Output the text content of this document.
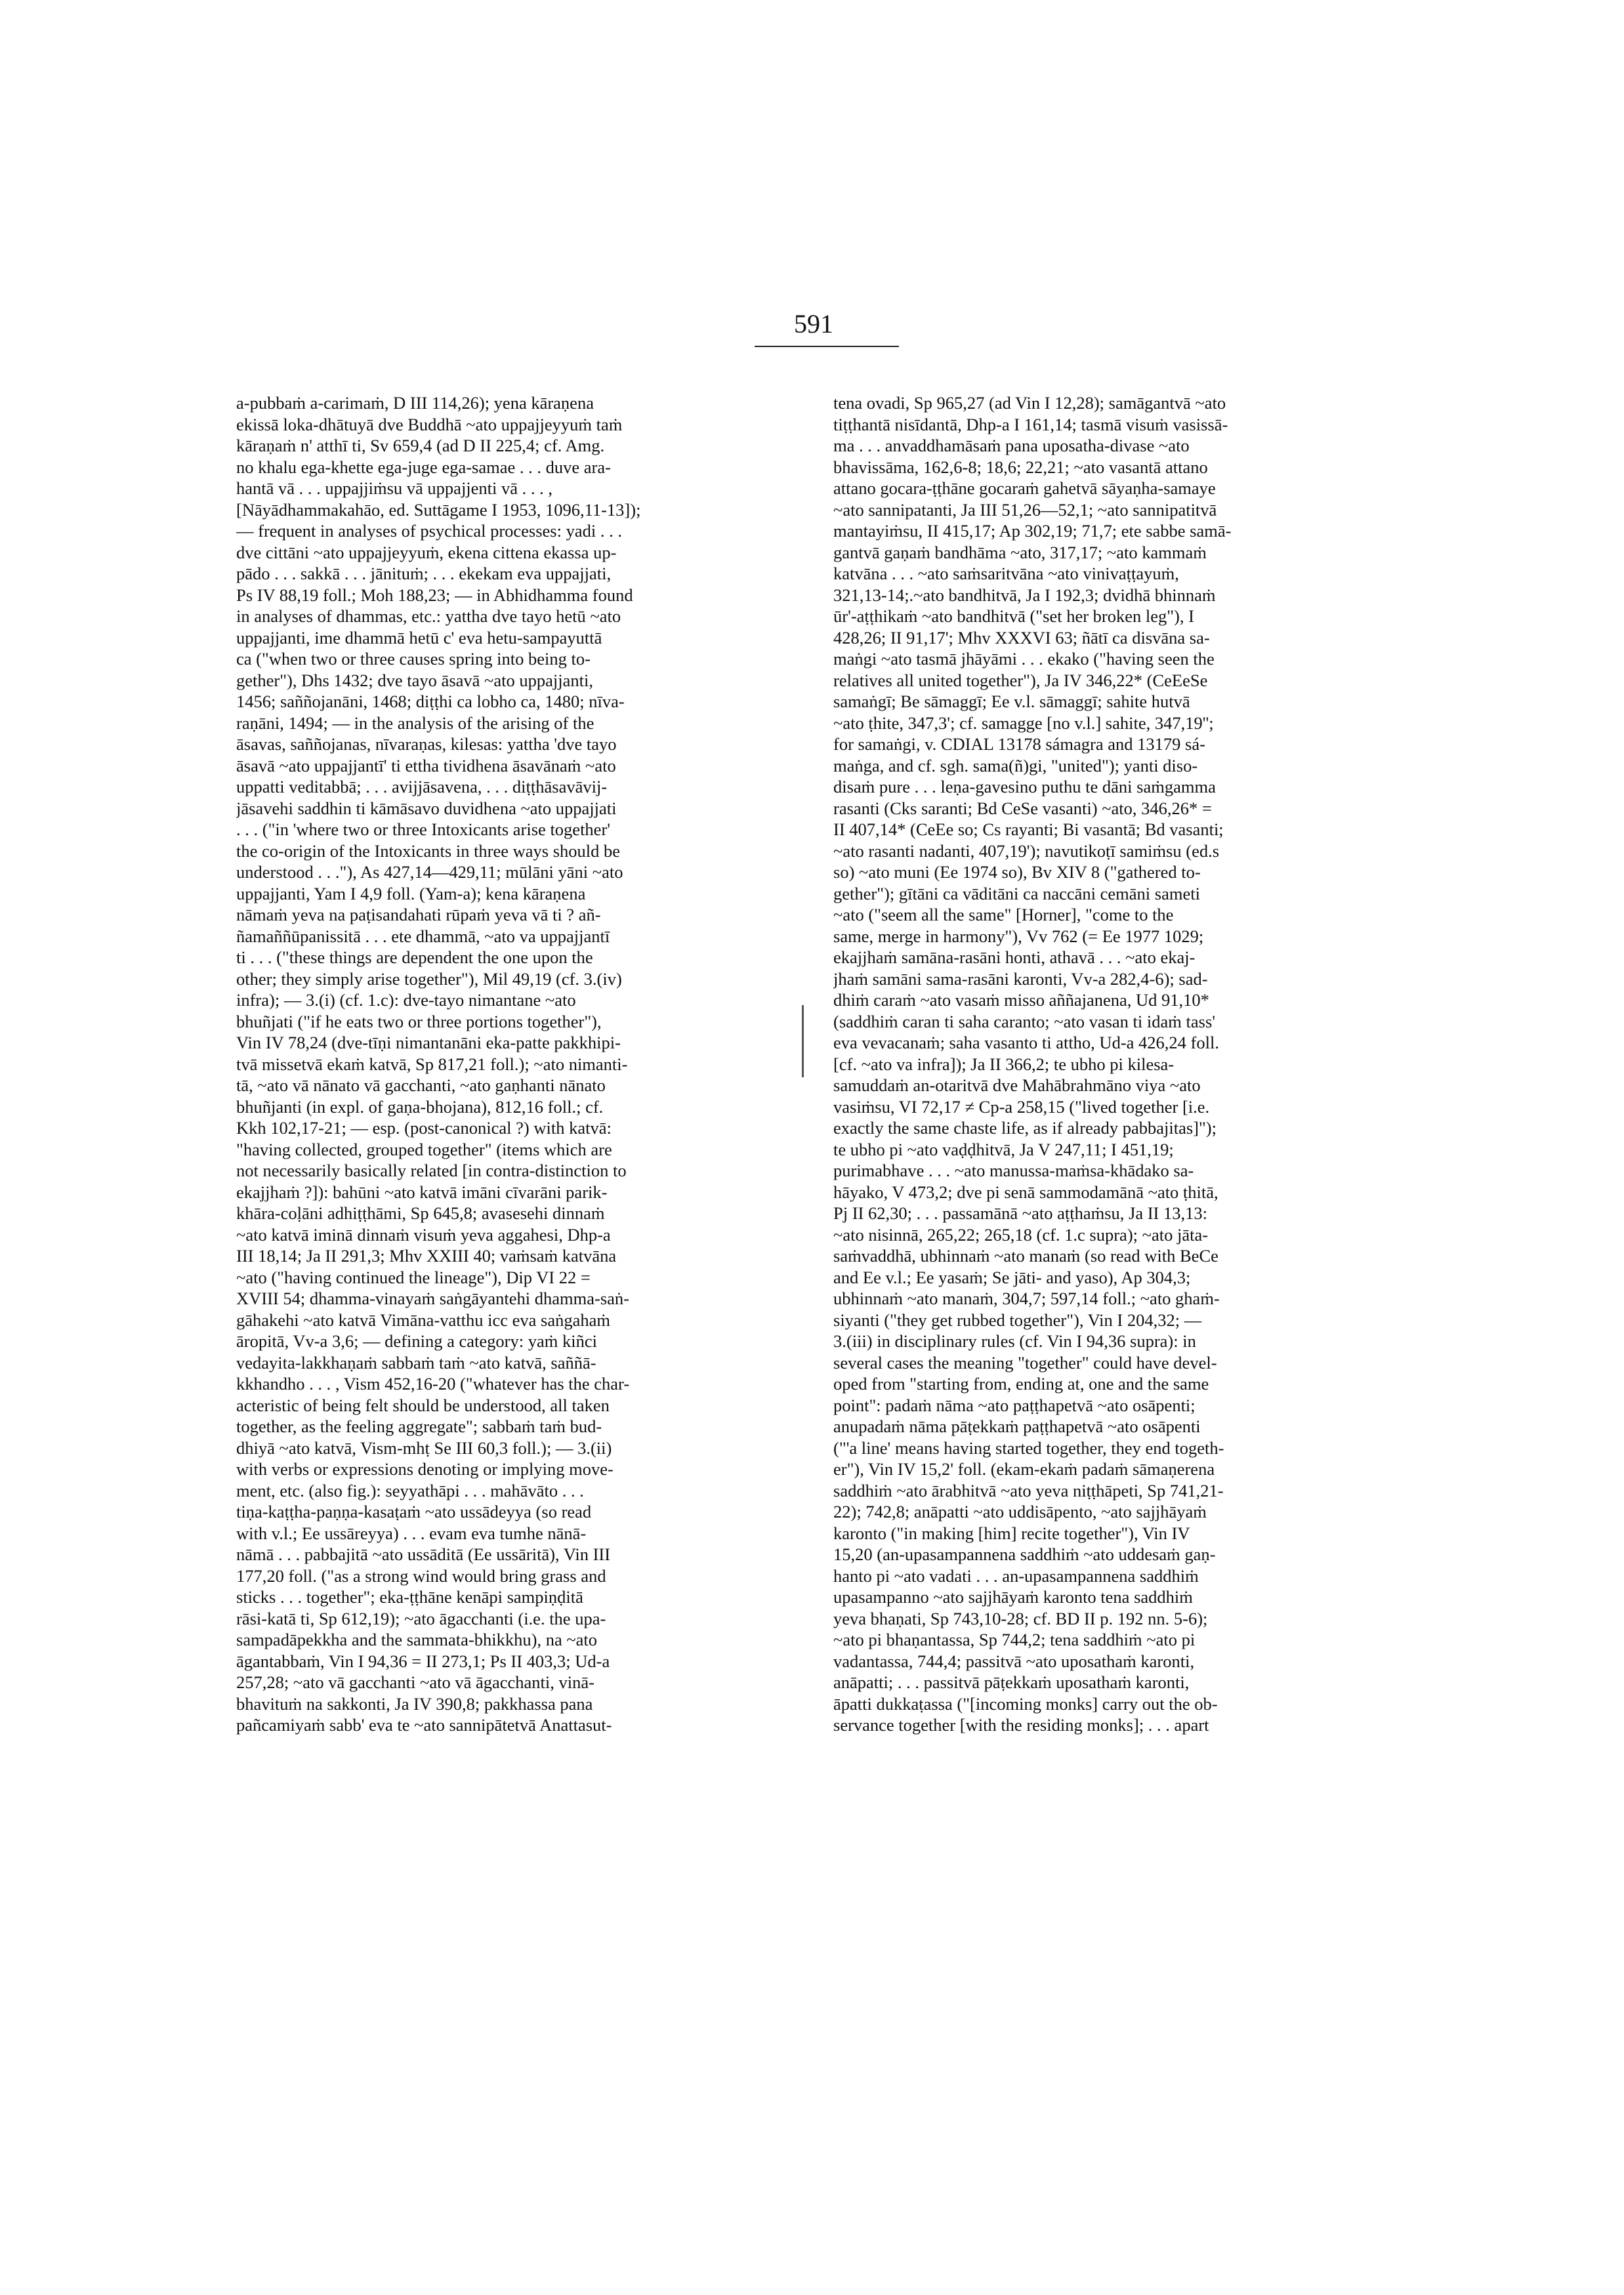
591
a-pubbaṁ a-carimaṁ, D III 114,26); yena kāraṇena
ekissā loka-dhātuyā dve Buddhā ~ato uppajjeyyuṁ taṁ
kāraṇaṁ n' atthī ti, Sv 659,4 (ad D II 225,4; cf. Amg.
no khalu ega-khette ega-juge ega-samae . . . duve ara-
hantā vā . . . uppajjiṁsu vā uppajjenti vā . . . ,
[Nāyādhammakahāo, ed. Suttāgame I 1953, 1096,11-13]);
— frequent in analyses of psychical processes: yadi . . .
dve cittāni ~ato uppajjeyyuṁ, ekena cittena ekassa up-
pādo . . . sakkā . . . jānituṁ; . . . ekekam eva uppajjati,
Ps IV 88,19 foll.; Moh 188,23; — in Abhidhamma found
in analyses of dhammas, etc.: yattha dve tayo hetū ~ato
uppajjanti, ime dhammā hetū c' eva hetu-sampayuttā
ca ("when two or three causes spring into being to-
gether"), Dhs 1432; dve tayo āsavā ~ato uppajjanti,
1456; saññojanāni, 1468; diṭṭhi ca lobho ca, 1480; nīva-
raṇāni, 1494; — in the analysis of the arising of the
āsavas, saññojanas, nīvaraṇas, kilesas: yattha 'dve tayo
āsavā ~ato uppajjantī' ti ettha tividhena āsavānaṁ ~ato
uppatti veditabbā; . . . avijjāsavena, . . . diṭṭhāsavāvij-
jāsavehi saddhin ti kāmāsavo duvidhena ~ato uppajjati
. . . ("in 'where two or three Intoxicants arise together'
the co-origin of the Intoxicants in three ways should be
understood . . ."), As 427,14—429,11; mūlāni yāni ~ato
uppajjanti, Yam I 4,9 foll. (Yam-a); kena kāraṇena
nāmaṁ yeva na paṭisandahati rūpaṁ yeva vā ti ? añ-
ñamaññūpanissitā . . . ete dhammā, ~ato va uppajjantī
ti . . . ("these things are dependent the one upon the
other; they simply arise together"), Mil 49,19 (cf. 3.(iv)
infra); — 3.(i) (cf. 1.c): dve-tayo nimantane ~ato
bhuñjati ("if he eats two or three portions together"),
Vin IV 78,24 (dve-tīṇi nimantanāni eka-patte pakkhipi-
tvā missetvā ekaṁ katvā, Sp 817,21 foll.); ~ato nimanti-
tā, ~ato vā nānato vā gacchanti, ~ato gaṇhanti nānato
bhuñjanti (in expl. of gaṇa-bhojana), 812,16 foll.; cf.
Kkh 102,17-21; — esp. (post-canonical ?) with katvā:
"having collected, grouped together" (items which are
not necessarily basically related [in contra-distinction to
ekajjhaṁ ?]): bahūni ~ato katvā imāni cīvarāni parik-
khāra-coḷāni adhiṭṭhāmi, Sp 645,8; avasesehi dinnaṁ
~ato katvā iminā dinnaṁ visuṁ yeva aggahesi, Dhp-a
III 18,14; Ja II 291,3; Mhv XXIII 40; vaṁsaṁ katvāna
~ato ("having continued the lineage"), Dip VI 22 =
XVIII 54; dhamma-vinayaṁ saṅgāyantehi dhamma-saṅ-
gāhakehi ~ato katvā Vimāna-vatthu icc eva saṅgahaṁ
āropitā, Vv-a 3,6; — defining a category: yaṁ kiñci
vedayita-lakkhaṇaṁ sabbaṁ taṁ ~ato katvā, saññā-
kkhandho . . . , Vism 452,16-20 ("whatever has the char-
acteristic of being felt should be understood, all taken
together, as the feeling aggregate"; sabbaṁ taṁ bud-
dhiyā ~ato katvā, Vism-mhṭ Se III 60,3 foll.); — 3.(ii)
with verbs or expressions denoting or implying move-
ment, etc. (also fig.): seyyathāpi . . . mahāvāto . . .
tiṇa-kaṭṭha-paṇṇa-kasaṭaṁ ~ato ussādeyya (so read
with v.l.; Ee ussāreyya) . . . evam eva tumhe nānā-
nāmā . . . pabbajitā ~ato ussāditā (Ee ussāritā), Vin III
177,20 foll. ("as a strong wind would bring grass and
sticks . . . together"; eka-ṭṭhāne kenāpi sampiṇḍitā
rāsi-katā ti, Sp 612,19); ~ato āgacchanti (i.e. the upa-
sampadāpekkha and the sammata-bhikkhu), na ~ato
āgantabbaṁ, Vin I 94,36 = II 273,1; Ps II 403,3; Ud-a
257,28; ~ato vā gacchanti ~ato vā āgacchanti, vinā-
bhavituṁ na sakkonti, Ja IV 390,8; pakkhassa pana
pañcamiyaṁ sabb' eva te ~ato sannipātetvā Anattasut-
tena ovadi, Sp 965,27 (ad Vin I 12,28); samāgantvā ~ato
tiṭṭhantā nisīdantā, Dhp-a I 161,14; tasmā visuṁ vasissā-
ma . . . anvaddhamāsaṁ pana uposatha-divase ~ato
bhavissāma, 162,6-8; 18,6; 22,21; ~ato vasantā attano
attano gocara-ṭṭhāne gocaraṁ gahetvā sāyaṇha-samaye
~ato sannipatanti, Ja III 51,26—52,1; ~ato sannipatitvā
mantayiṁsu, II 415,17; Ap 302,19; 71,7; ete sabbe samā-
gantvā gaṇaṁ bandhāma ~ato, 317,17; ~ato kammaṁ
katvāna . . . ~ato saṁsaritvāna ~ato vinivaṭṭayuṁ,
321,13-14;.~ato bandhitvā, Ja I 192,3; dvidhā bhinnaṁ
ūr'-aṭṭhikaṁ ~ato bandhitvā ("set her broken leg"), I
428,26; II 91,17'; Mhv XXXVI 63; ñātī ca disvāna sa-
maṅgi ~ato tasmā jhāyāmi . . . ekako ("having seen the
relatives all united together"), Ja IV 346,22* (CeEeSe
samaṅgī; Be sāmaggī; Ee v.l. sāmaggī; sahite hutvā
~ato ṭhite, 347,3'; cf. samagge [no v.l.] sahite, 347,19'';
for samaṅgi, v. CDIAL 13178 sámagra and 13179 sá-
maṅga, and cf. sgh. sama(ñ)gi, "united"); yanti diso-
disaṁ pure . . . leṇa-gavesino puthu te dāni saṁgamma
rasanti (Cks saranti; Bd CeSe vasanti) ~ato, 346,26* =
II 407,14* (CeEe so; Cs rayanti; Bi vasantā; Bd vasanti;
~ato rasanti nadanti, 407,19'); navutikoṭī samiṁsu (ed.s
so) ~ato muni (Ee 1974 so), Bv XIV 8 ("gathered to-
gether"); gītāni ca vāditāni ca naccāni cemāni sameti
~ato ("seem all the same" [Horner], "come to the
same, merge in harmony"), Vv 762 (= Ee 1977 1029;
ekajjhaṁ samāna-rasāni honti, athavā . . . ~ato ekaj-
jhaṁ samāni sama-rasāni karonti, Vv-a 282,4-6); sad-
dhiṁ caraṁ ~ato vasaṁ misso aññajanena, Ud 91,10*
(saddhiṁ caran ti saha caranto; ~ato vasan ti idaṁ tass'
eva vevacanaṁ; saha vasanto ti attho, Ud-a 426,24 foll.
[cf. ~ato va infra]); Ja II 366,2; te ubho pi kilesa-
samuddaṁ an-otaritvā dve Mahābrahmāno viya ~ato
vasiṁsu, VI 72,17 ≠ Cp-a 258,15 ("lived together [i.e.
exactly the same chaste life, as if already pabbajitas]");
te ubho pi ~ato vaḍḍhitvā, Ja V 247,11; I 451,19;
purimabhave . . . ~ato manussa-maṁsa-khādako sa-
hāyako, V 473,2; dve pi senā sammodamānā ~ato ṭhitā,
Pj II 62,30; . . . passamānā ~ato aṭṭhaṁsu, Ja II 13,13:
~ato nisinnā, 265,22; 265,18 (cf. 1.c supra); ~ato jāta-
saṁvaddhā, ubhinnaṁ ~ato manaṁ (so read with BeCe
and Ee v.l.; Ee yasaṁ; Se jāti- and yaso), Ap 304,3;
ubhinnaṁ ~ato manaṁ, 304,7; 597,14 foll.; ~ato ghaṁ-
siyanti ("they get rubbed together"), Vin I 204,32; —
3.(iii) in disciplinary rules (cf. Vin I 94,36 supra): in
several cases the meaning "together" could have devel-
oped from "starting from, ending at, one and the same
point": padaṁ nāma ~ato paṭṭhapetvā ~ato osāpenti;
anupadaṁ nāma pāṭekkaṁ paṭṭhapetvā ~ato osāpenti
("'a line' means having started together, they end togeth-
er"), Vin IV 15,2' foll. (ekam-ekaṁ padaṁ sāmaṇerena
saddhiṁ ~ato ārabhitvā ~ato yeva niṭṭhāpeti, Sp 741,21-
22); 742,8; anāpatti ~ato uddisāpento, ~ato sajjhāyaṁ
karonto ("in making [him] recite together"), Vin IV
15,20 (an-upasampannena saddhiṁ ~ato uddesaṁ gaṇ-
hanto pi ~ato vadati . . . an-upasampannena saddhiṁ
upasampanno ~ato sajjhāyaṁ karonto tena saddhiṁ
yeva bhaṇati, Sp 743,10-28; cf. BD II p. 192 nn. 5-6);
~ato pi bhaṇantassa, Sp 744,2; tena saddhiṁ ~ato pi
vadantassa, 744,4; passitvā ~ato uposathaṁ karonti,
anāpatti; . . . passitvā pāṭekkaṁ uposathaṁ karonti,
āpatti dukkaṭassa ("[incoming monks] carry out the ob-
servance together [with the residing monks]; . . . apart
